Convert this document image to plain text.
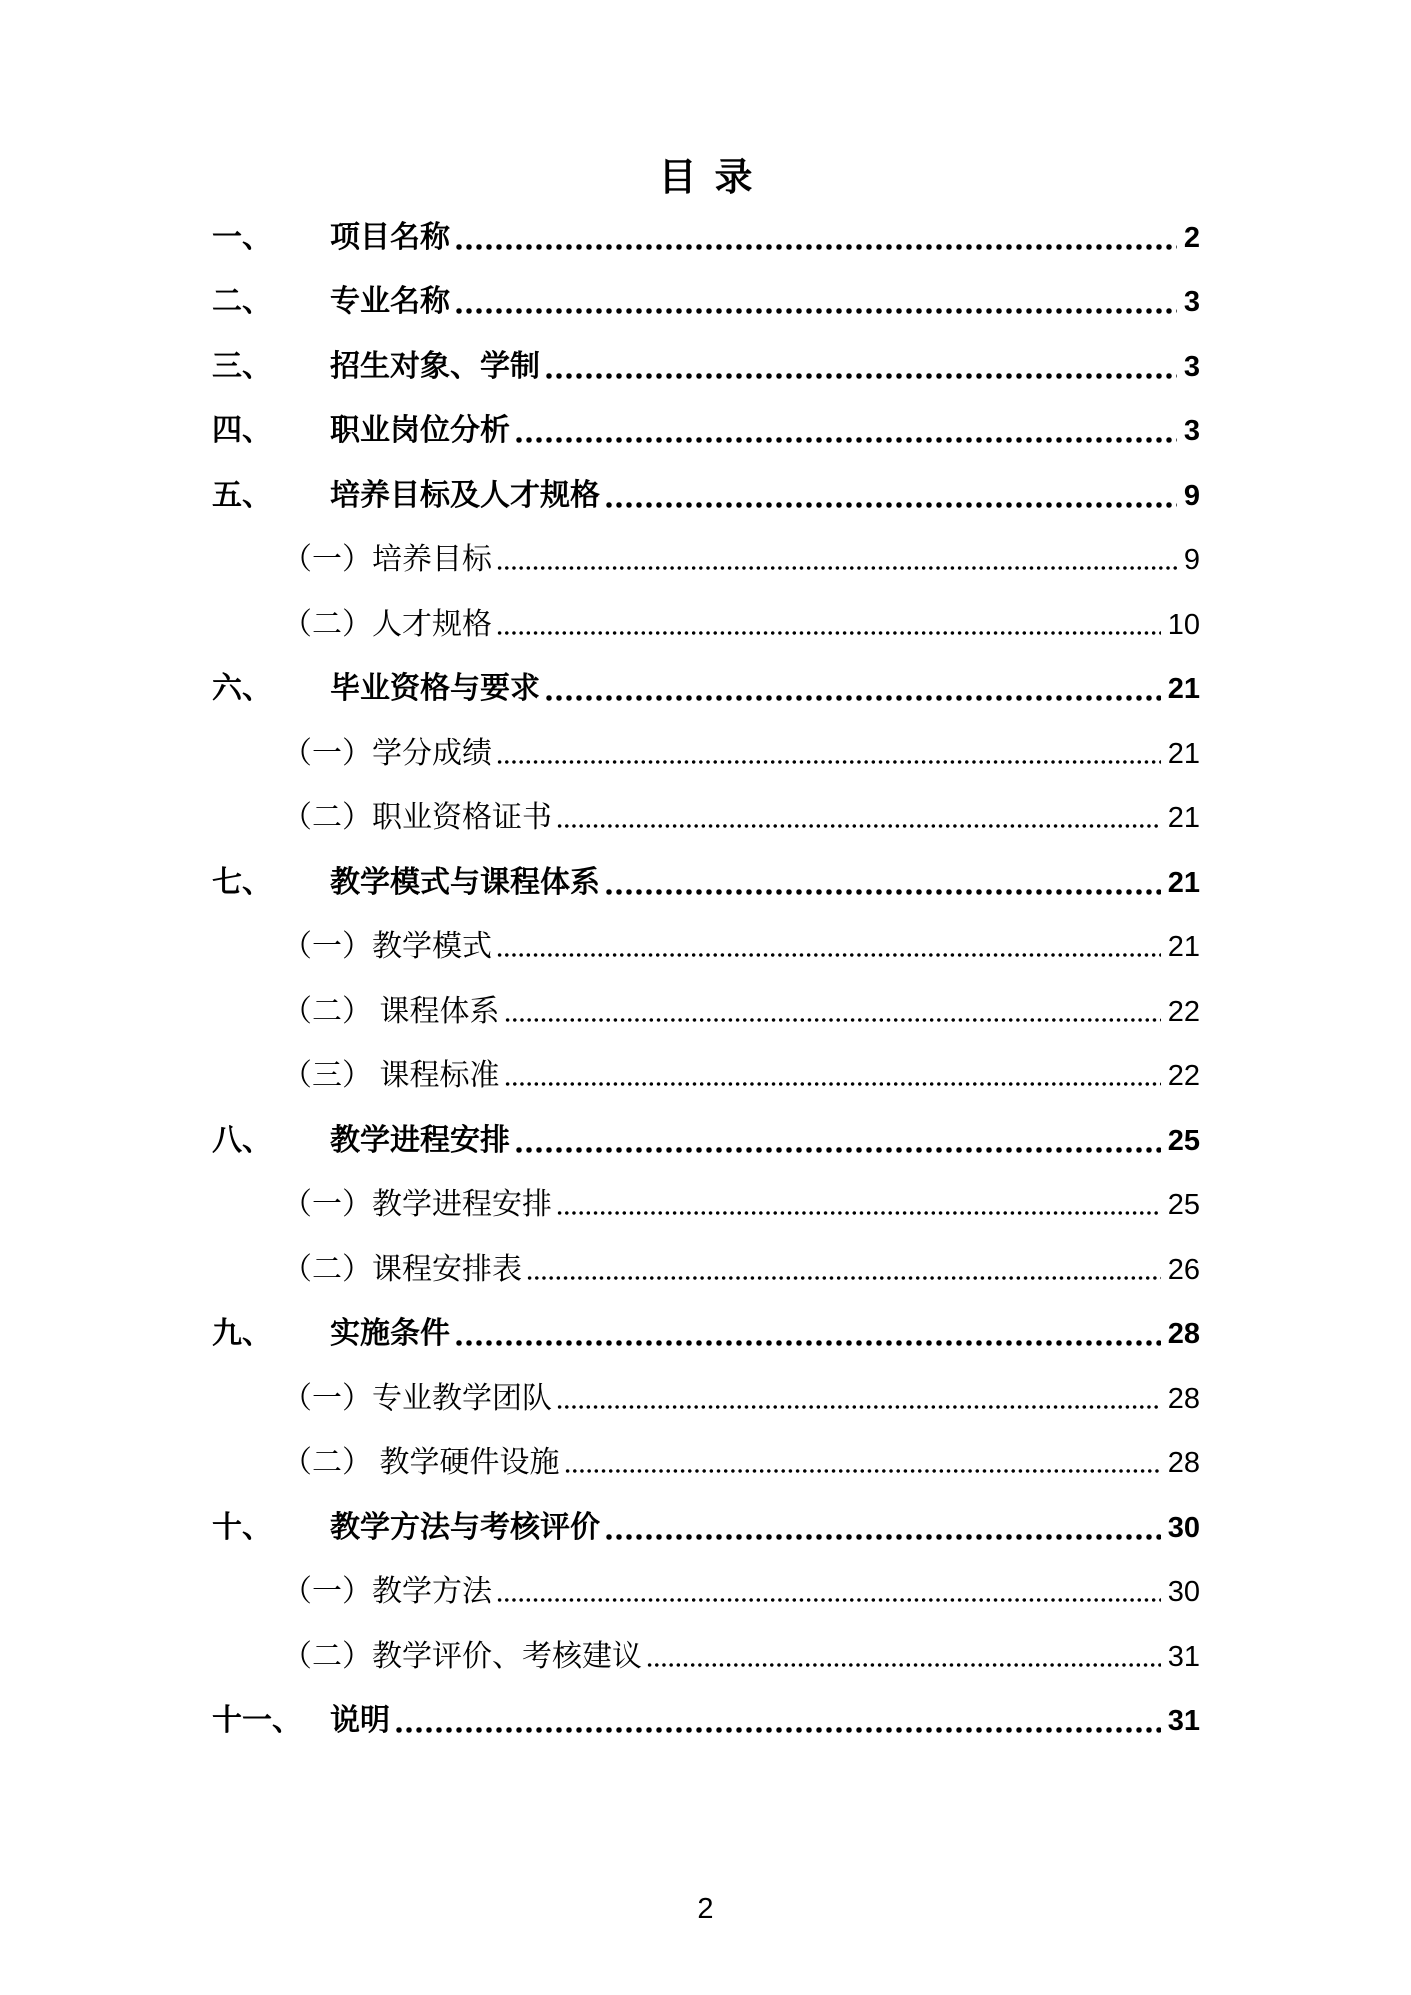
目录
一、	项目名称	2
二、	专业名称	3
三、	招生对象、学制	3
四、	职业岗位分析	3
五、	培养目标及人才规格	9
（一） 培养目标	9
（二） 人才规格	10
六、	毕业资格与要求	21
（一） 学分成绩	21
（二） 职业资格证书	21
七、	教学模式与课程体系	21
（一） 教学模式	21
（二） 课程体系	22
（三） 课程标准	22
八、	教学进程安排	25
（一） 教学进程安排	25
（二） 课程安排表	26
九、	实施条件	28
（一） 专业教学团队	28
（二） 教学硬件设施	28
十、	教学方法与考核评价	30
（一） 教学方法	30
（二） 教学评价、考核建议	31
十一、 说明	31
2
